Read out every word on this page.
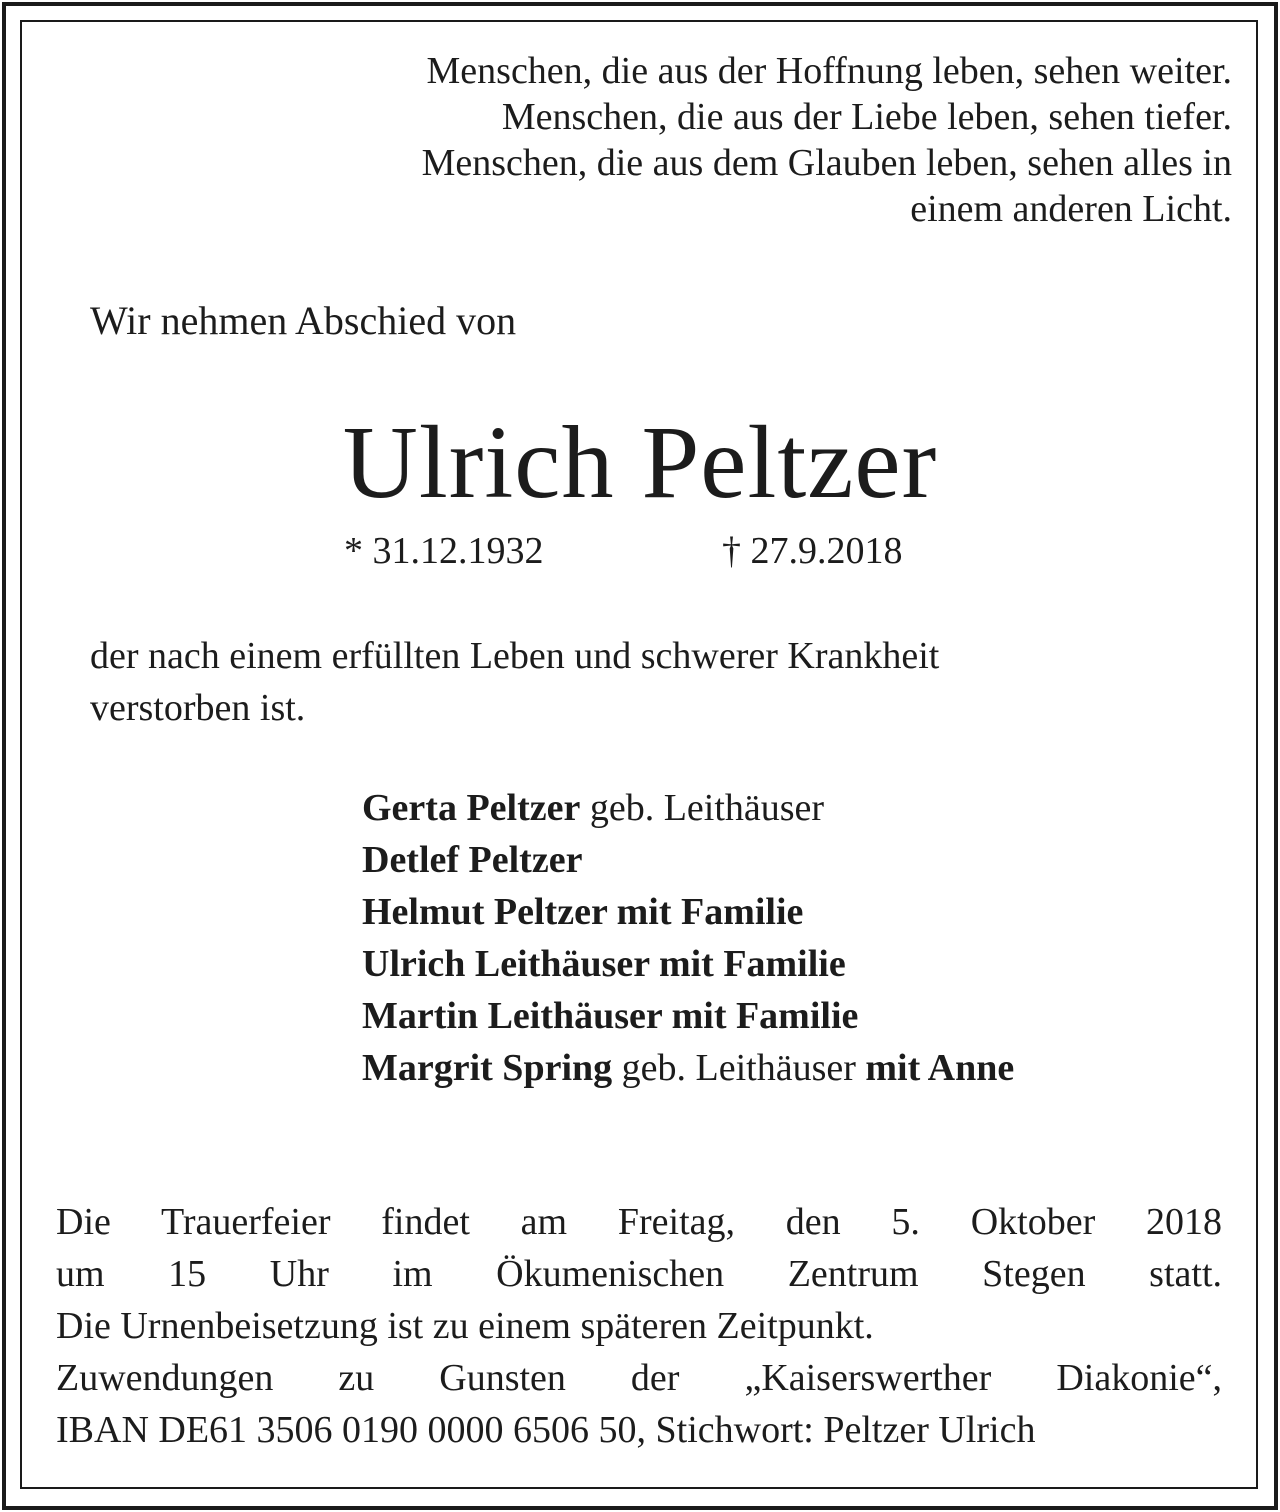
Menschen, die aus der Hoffnung leben, sehen weiter.
Menschen, die aus der Liebe leben, sehen tiefer.
Menschen, die aus dem Glauben leben, sehen alles in
einem anderen Licht.
Wir nehmen Abschied von
Ulrich Peltzer
* 31.12.1932	† 27.9.2018
der nach einem erfüllten Leben und schwerer Krankheit
verstorben ist.
Gerta Peltzer geb. Leithäuser
Detlef Peltzer
Helmut Peltzer mit Familie
Ulrich Leithäuser mit Familie
Martin Leithäuser mit Familie
Margrit Spring geb. Leithäuser mit Anne
Die Trauerfeier findet am Freitag, den 5. Oktober 2018
um 15 Uhr im Ökumenischen Zentrum Stegen statt.
Die Urnenbeisetzung ist zu einem späteren Zeitpunkt.
Zuwendungen zu Gunsten der „Kaiserswerther Diakonie“,
IBAN DE61 3506 0190 0000 6506 50, Stichwort: Peltzer Ulrich
